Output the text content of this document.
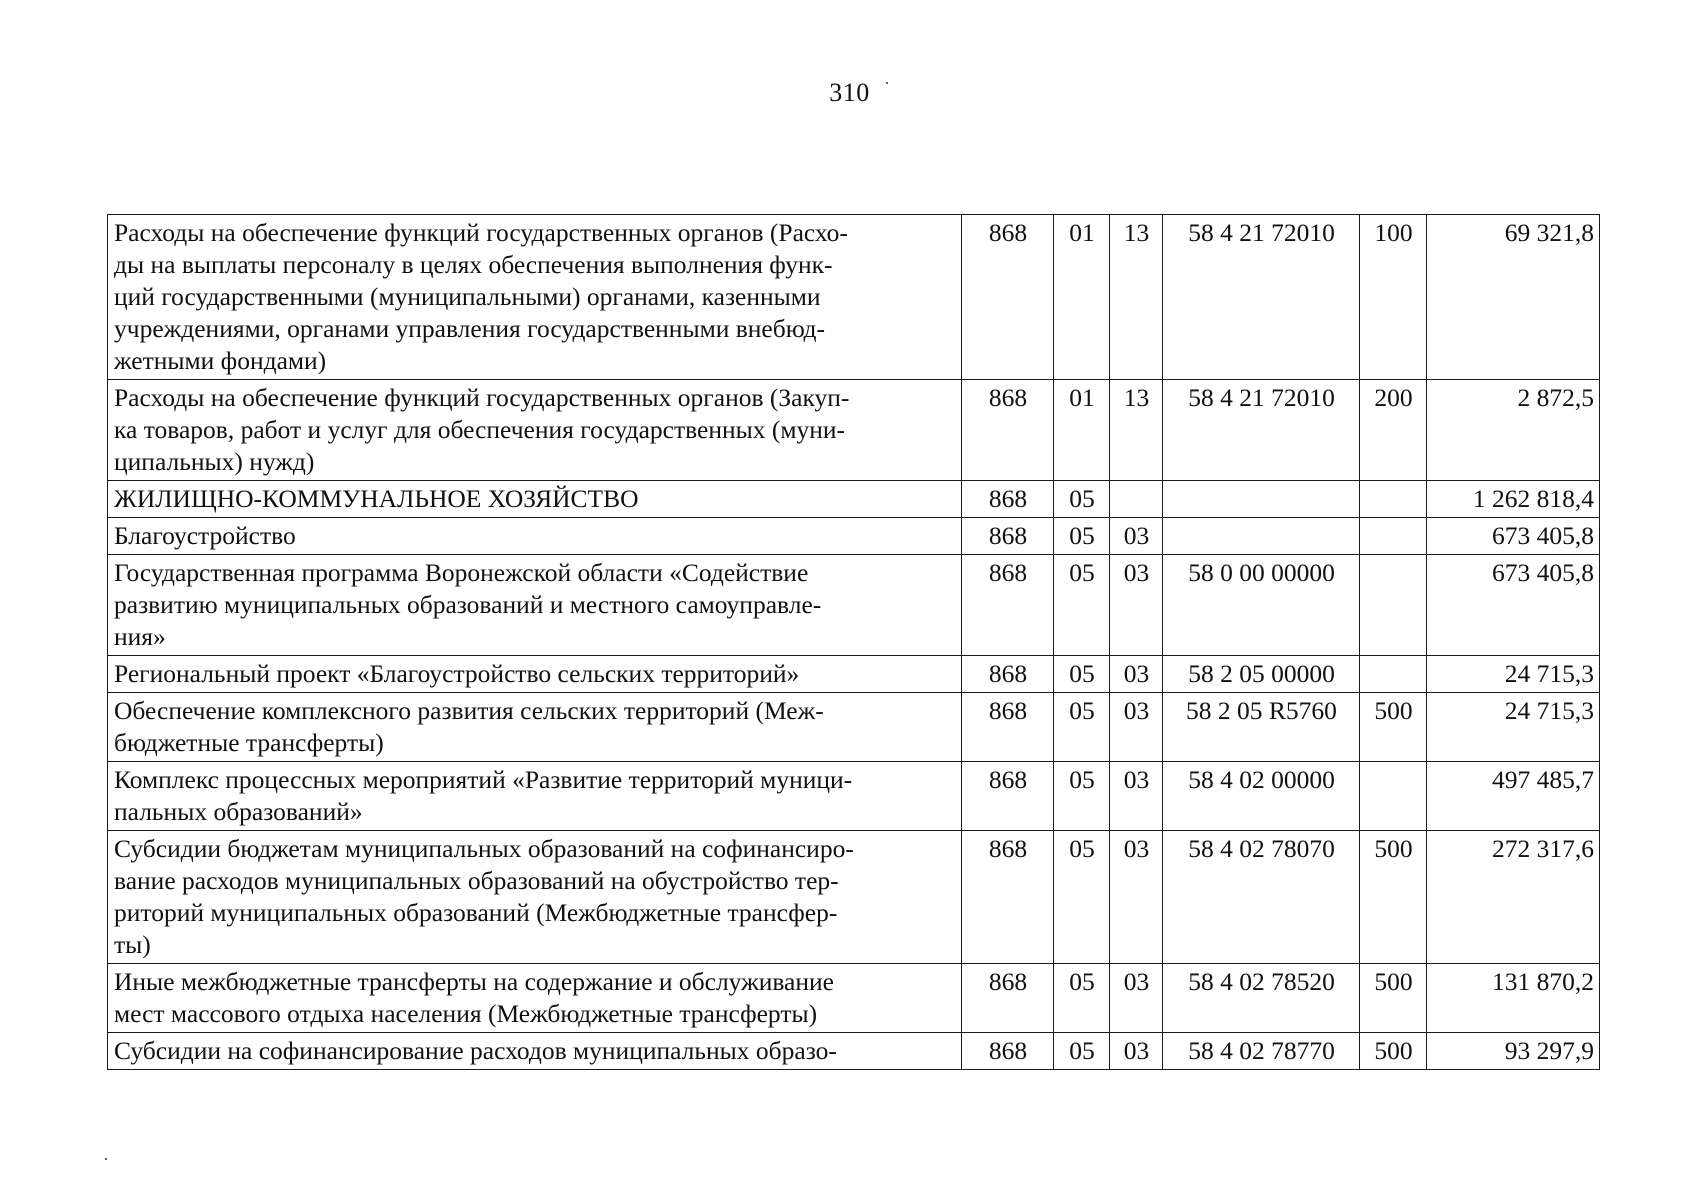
310
Расходы на обеспечение функций государственных органов (Расхо-
ды на выплаты персоналу в целях обеспечения выполнения функ-
ций государственными (муниципальными) органами, казенными
учреждениями, органами управления государственными внебюд-
жетными фондами)	868	01	13	58 4 21 72010	100	69 321,8
Расходы на обеспечение функций государственных органов (Закуп-
ка товаров, работ и услуг для обеспечения государственных (муни-
ципальных) нужд)	868	01	13	58 4 21 72010	200	2 872,5
ЖИЛИЩНО-КОММУНАЛЬНОЕ ХОЗЯЙСТВО	868	05				1 262 818,4
Благоустройство	868	05	03			673 405,8
Государственная программа Воронежской области «Содействие
развитию муниципальных образований и местного самоуправле-
ния»	868	05	03	58 0 00 00000		673 405,8
Региональный проект «Благоустройство сельских территорий»	868	05	03	58 2 05 00000		24 715,3
Обеспечение комплексного развития сельских территорий (Меж-
бюджетные трансферты)	868	05	03	58 2 05 R5760	500	24 715,3
Комплекс процессных мероприятий «Развитие территорий муници-
пальных образований»	868	05	03	58 4 02 00000		497 485,7
Субсидии бюджетам муниципальных образований на софинансиро-
вание расходов муниципальных образований на обустройство тер-
риторий муниципальных образований (Межбюджетные трансфер-
ты)	868	05	03	58 4 02 78070	500	272 317,6
Иные межбюджетные трансферты на содержание и обслуживание
мест массового отдыха населения (Межбюджетные трансферты)	868	05	03	58 4 02 78520	500	131 870,2
Субсидии на софинансирование расходов муниципальных образо-	868	05	03	58 4 02 78770	500	93 297,9
